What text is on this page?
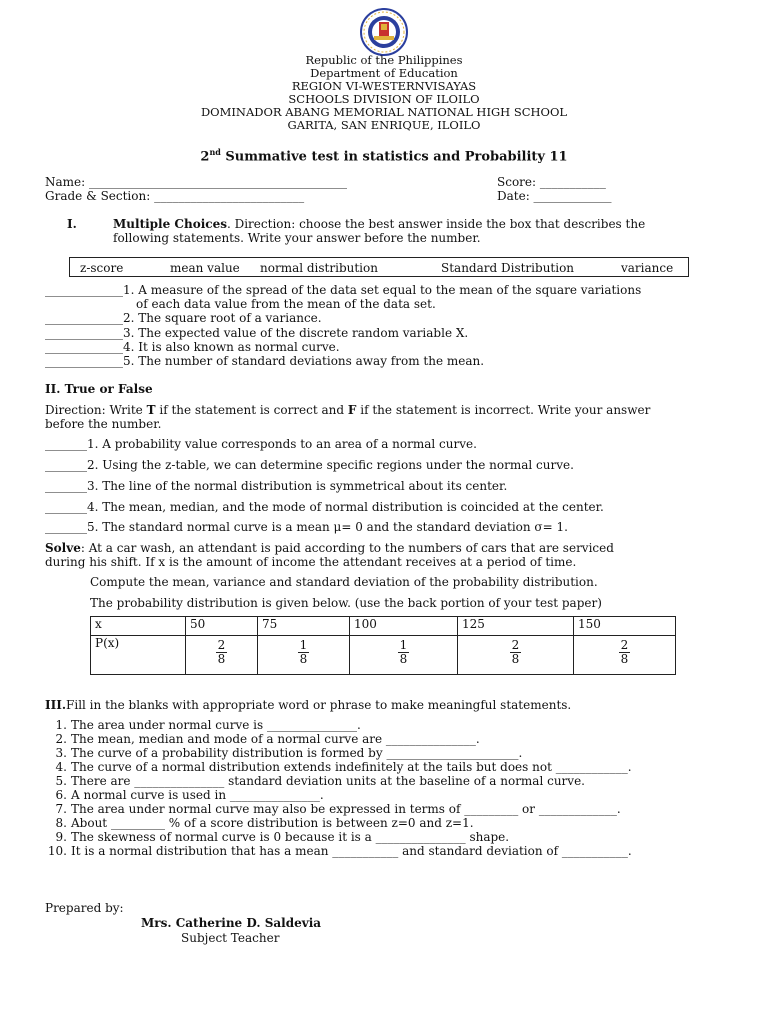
Republic of the Philippines
Department of Education
REGION VI-WESTERNVISAYAS
SCHOOLS DIVISION OF ILOILO
DOMINADOR ABANG MEMORIAL NATIONAL HIGH SCHOOL
GARITA, SAN ENRIQUE, ILOILO
2nd Summative test in statistics and Probability 11
Name: ___________________________________________
Grade & Section: _________________________
Score: ___________
Date: _____________
I.	Multiple Choices. Direction: choose the best answer inside the box that describes the
following statements. Write your answer before the number.
z-score	mean value normal distribution	Standard Distribution	variance
_____________1. A measure of the spread of the data set equal to the mean of the square variations
of each data value from the mean of the data set.
_____________2. The square root of a variance.
_____________3. The expected value of the discrete random variable X.
_____________4. It is also known as normal curve.
_____________5. The number of standard deviations away from the mean.
II. True or False
Direction: Write T if the statement is correct and F if the statement is incorrect. Write your answer
before the number.
_______1. A probability value corresponds to an area of a normal curve.
_______2. Using the z-table, we can determine specific regions under the normal curve.
_______3. The line of the normal distribution is symmetrical about its center.
_______4. The mean, median, and the mode of normal distribution is coincided at the center.
_______5. The standard normal curve is a mean μ= 0 and the standard deviation σ= 1.
Solve: At a car wash, an attendant is paid according to the numbers of cars that are serviced
during his shift. If x is the amount of income the attendant receives at a period of time.
Compute the mean, variance and standard deviation of the probability distribution.
The probability distribution is given below. (use the back portion of your test paper)
x	50	75	100	125	150
P(x)	$\frac{2}{8}$	$\frac{1}{8}$	$\frac{1}{8}$	$\frac{2}{8}$	$\frac{2}{8}$
III.Fill in the blanks with appropriate word or phrase to make meaningful statements.
1. The area under normal curve is _______________.
2. The mean, median and mode of a normal curve are _______________.
3. The curve of a probability distribution is formed by ______________________.
4. The curve of a normal distribution extends indefinitely at the tails but does not ____________.
5. There are _______________ standard deviation units at the baseline of a normal curve.
6. A normal curve is used in _______________.
7. The area under normal curve may also be expressed in terms of _________ or _____________.
8. About _________ % of a score distribution is between z=0 and z=1.
9. The skewness of normal curve is 0 because it is a _______________ shape.
10. It is a normal distribution that has a mean ___________ and standard deviation of ___________.
Prepared by:
Mrs. Catherine D. Saldevia
Subject Teacher
